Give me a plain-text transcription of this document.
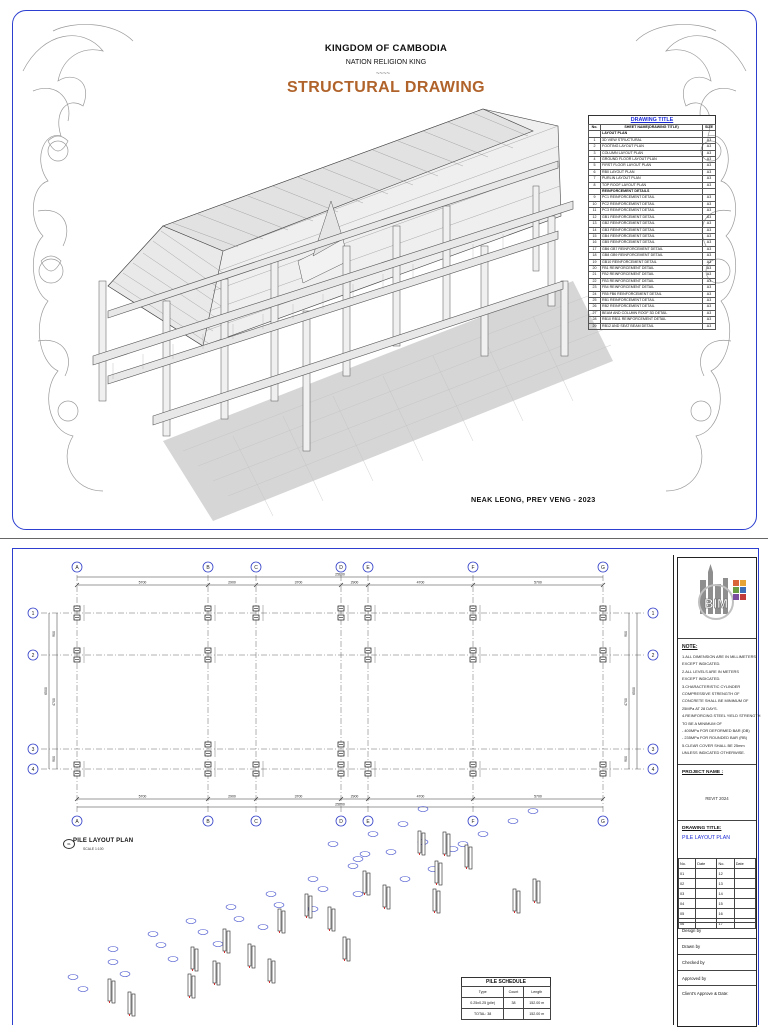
KINGDOM OF CAMBODIA
NATION RELIGION KING
~~~~
STRUCTURAL DRAWING
DRAWING TITLE
No.	SHEET NAME(DRAWING TITLE)	SIZE
	LAYOUT PLAN	
1	3D VIEW STRUCTURAL	A3
2	FOOTING LAYOUT PLAN	A3
3	COLUMN LAYOUT PLAN	A3
4	GROUND FLOOR LAYOUT PLAN	A3
5	FIRST FLOOR LAYOUT PLAN	A3
6	RB0 LAYOUT PLAN	A3
7	PURLIN LAYOUT PLAN	A3
8	TOP ROOF LAYOUT PLAN	A3
	REINFORCEMENT DETAILS	
9	PC1 REINFORCEMENT DETAIL	A3
10	PC2 REINFORCEMENT DETAIL	A3
11	PC3 REINFORCEMENT DETAIL	A3
12	GB1 REINFORCEMENT DETAIL	A3
13	GB2 REINFORCEMENT DETAIL	A3
14	GB3 REINFORCEMENT DETAIL	A3
15	GB4 REINFORCEMENT DETAIL	A3
16	GB5 REINFORCEMENT DETAIL	A3
17	GB6 GB7 REINFORCEMENT DETAIL	A3
18	GB8 GB9 REINFORCEMENT DETAIL	A3
19	GB10 REINFORCEMENT DETAIL	A3
20	FB1 REINFORCEMENT DETAIL	A3
21	FB2 REINFORCEMENT DETAIL	A3
22	FB3 REINFORCEMENT DETAIL	A3
23	FB4 REINFORCEMENT DETAIL	A3
24	FB5 FB6 REINFORCEMENT DETAIL	A3
25	RB1 REINFORCEMENT DETAIL	A3
26	RB2 REINFORCEMENT DETAIL	A3
27	BEAM AND COLUMN ROOF 3D DETAIL	A3
28	RB10 RB11 REINFORCEMENT DETAIL	A3
29	RB12 AND SEAT BEAM DETAIL	A3
NEAK LEONG, PREY VENG - 2023
A
A
B
B
C
C
D
D
E
E
F
F
G
G
1	1
2	2
3	3
4	4
25600
5700	2900	3700	2900	4700	5700
25600
5700	2900	3700	2900	4700	5700
6500
900
4700
900
6500
900
4700
900
01 PILE LAYOUT PLAN
SCALE 1:100
PILE SCHEDULE
Type	Count	Length
0.25x0.25 (pile)	38	152.00 m
TOTAL: 38		152.00 m
BIM
NOTE:
1.ALL DIMENSION ARE IN MILLIMETERS
EXCEPT INDICATED.
2.ALL LEVELS ARE IN METERS
EXCEPT INDICATED.
3.CHARACTERISTIC CYLINDER
COMPRESSIVE STRENGTH OF
CONCRETE SHALL BE MINIMUM OF
25MPa AT 28 DAYS.
4.REINFORCING STEEL YIELD STRENGTH
TO BE A MINIMUM OF
- 400MPa FOR DEFORMED BAR (DB)
- 235MPa FOR ROUNDED BAR (RB)
5.CLEAR COVER SHALL BE 25mm
UNLESS INDICATED OTHERWISE.
PROJECT NAME :
REVIT 2024
DRAWING TITLE:
PILE LAYOUT PLAN
No.	Date	No.	Date
01		12	
02		13	
03		14	
04		15	
05		16	
06		17	
Design by
Drawn by
Checked by
Approved by
Client's Approve & Date:
